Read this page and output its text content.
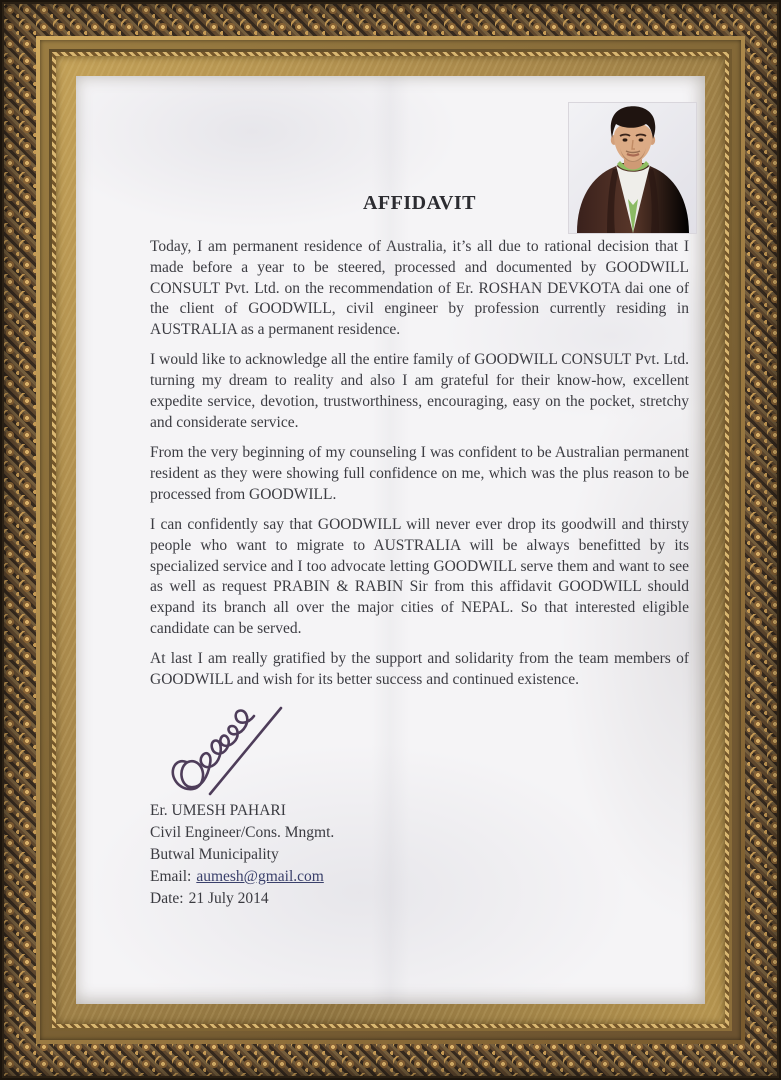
AFFIDAVIT

Today, I am permanent residence of Australia, it’s all due to rational decision that I made before a year to be steered, processed and documented by GOODWILL CONSULT Pvt. Ltd. on the recommendation of Er. ROSHAN DEVKOTA dai one of the client of GOODWILL, civil engineer by profession currently residing in AUSTRALIA as a permanent residence.

I would like to acknowledge all the entire family of GOODWILL CONSULT Pvt. Ltd. turning my dream to reality and also I am grateful for their know-how, excellent expedite service, devotion, trustworthiness, encouraging, easy on the pocket, stretchy and considerate service.

From the very beginning of my counseling I was confident to be Australian permanent resident as they were showing full confidence on me, which was the plus reason to be processed from GOODWILL.

I can confidently say that GOODWILL will never ever drop its goodwill and thirsty people who want to migrate to AUSTRALIA will be always benefitted by its specialized service and I too advocate letting GOODWILL serve them and want to see as well as request PRABIN & RABIN Sir from this affidavit GOODWILL should expand its branch all over the major cities of NEPAL. So that interested eligible candidate can be served.

At last I am really gratified by the support and solidarity from the team members of GOODWILL and wish for its better success and continued existence.

Er. UMESH PAHARI
Civil Engineer/Cons. Mngmt.
Butwal Municipality
Email: aumesh@gmail.com
Date: 21 July 2014
